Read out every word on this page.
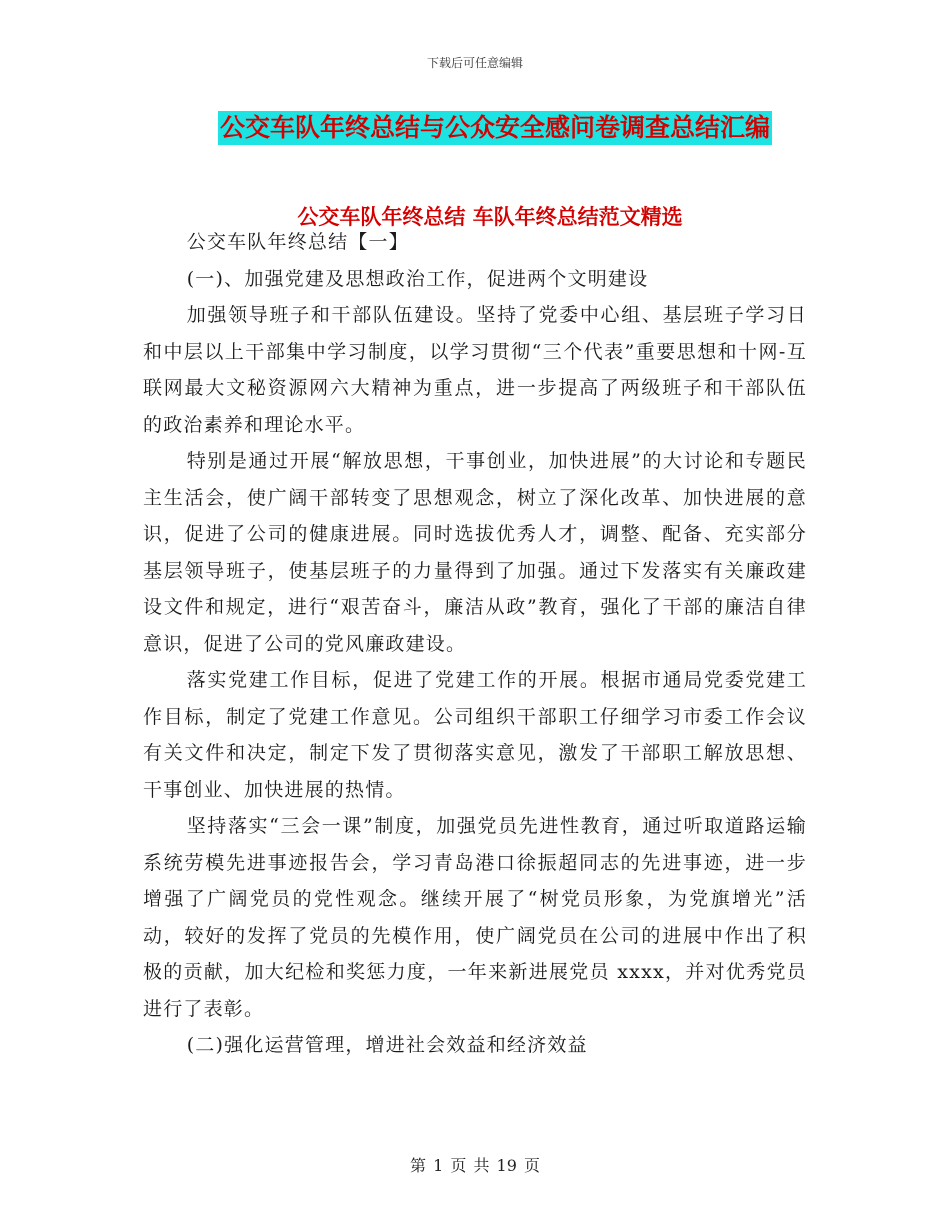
下载后可任意编辑
公交车队年终总结与公众安全感问卷调查总结汇编
公交车队年终总结 车队年终总结范文精选

公交车队年终总结【一】

(一)、加强党建及思想政治工作，促进两个文明建设

加强领导班子和干部队伍建设。坚持了党委中心组、基层班子学习日和中层以上干部集中学习制度，以学习贯彻“三个代表”重要思想和十网-互联网最大文秘资源网六大精神为重点，进一步提高了两级班子和干部队伍的政治素养和理论水平。

特别是通过开展“解放思想，干事创业，加快进展”的大讨论和专题民主生活会，使广阔干部转变了思想观念，树立了深化改革、加快进展的意识，促进了公司的健康进展。同时选拔优秀人才，调整、配备、充实部分基层领导班子，使基层班子的力量得到了加强。通过下发落实有关廉政建设文件和规定，进行“艰苦奋斗，廉洁从政”教育，强化了干部的廉洁自律意识，促进了公司的党风廉政建设。

落实党建工作目标，促进了党建工作的开展。根据市通局党委党建工作目标，制定了党建工作意见。公司组织干部职工仔细学习市委工作会议有关文件和决定，制定下发了贯彻落实意见，激发了干部职工解放思想、干事创业、加快进展的热情。

坚持落实“三会一课”制度，加强党员先进性教育，通过听取道路运输系统劳模先进事迹报告会，学习青岛港口徐振超同志的先进事迹，进一步增强了广阔党员的党性观念。继续开展了“树党员形象，为党旗增光”活动，较好的发挥了党员的先模作用，使广阔党员在公司的进展中作出了积极的贡献，加大纪检和奖惩力度，一年来新进展党员 xxxx，并对优秀党员进行了表彰。

(二)强化运营管理，增进社会效益和经济效益

第 1 页 共 19 页
